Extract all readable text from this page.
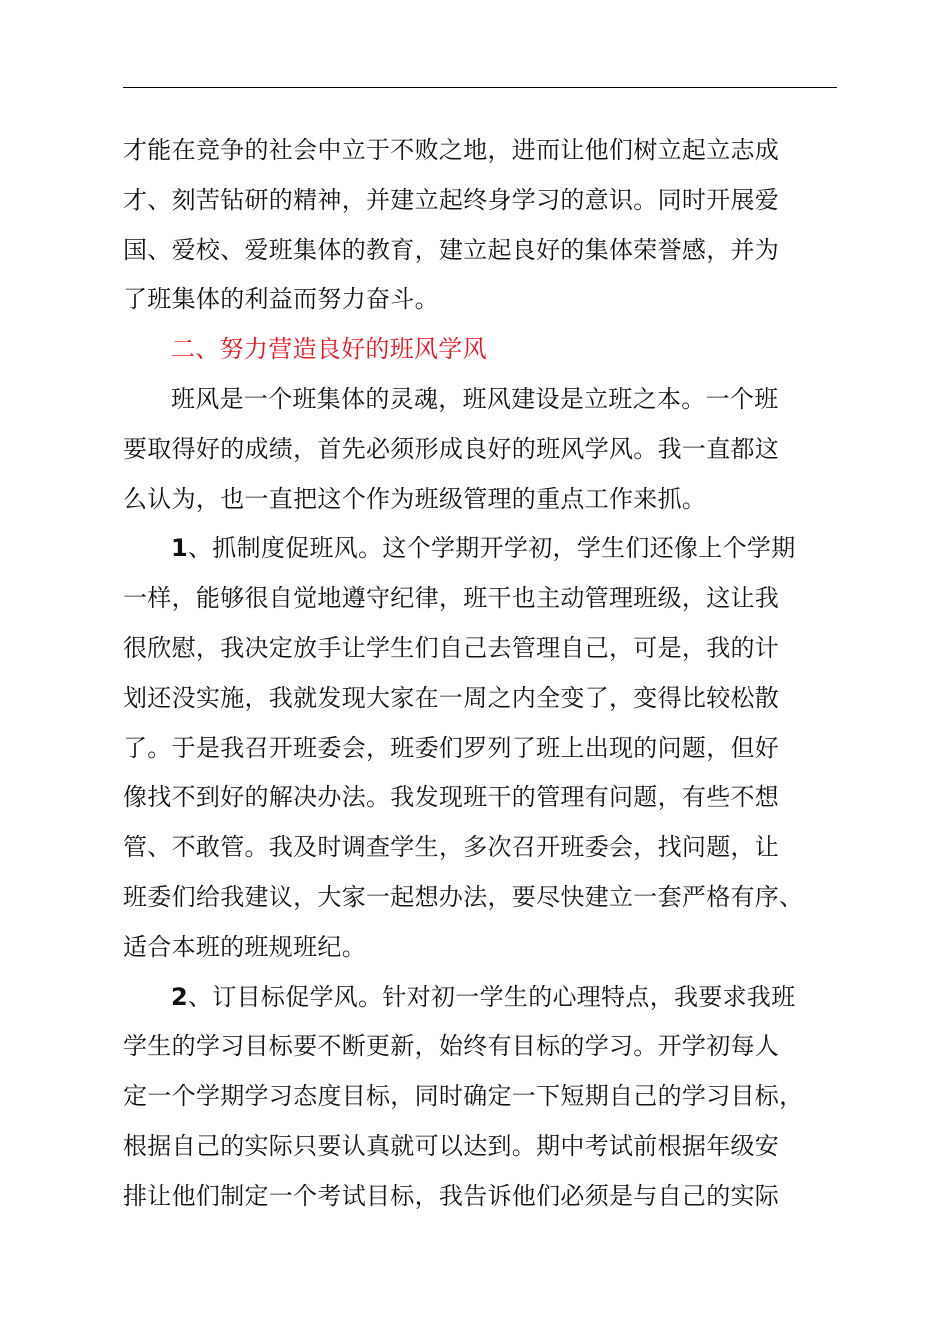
才能在竞争的社会中立于不败之地，进而让他们树立起立志成
才、刻苦钻研的精神，并建立起终身学习的意识。同时开展爱
国、爱校、爱班集体的教育，建立起良好的集体荣誉感，并为
了班集体的利益而努力奋斗。
二、努力营造良好的班风学风
班风是一个班集体的灵魂，班风建设是立班之本。一个班
要取得好的成绩，首先必须形成良好的班风学风。我一直都这
么认为，也一直把这个作为班级管理的重点工作来抓。
1、抓制度促班风。这个学期开学初，学生们还像上个学期
一样，能够很自觉地遵守纪律，班干也主动管理班级，这让我
很欣慰，我决定放手让学生们自己去管理自己，可是，我的计
划还没实施，我就发现大家在一周之内全变了，变得比较松散
了。于是我召开班委会，班委们罗列了班上出现的问题，但好
像找不到好的解决办法。我发现班干的管理有问题，有些不想
管、不敢管。我及时调查学生，多次召开班委会，找问题，让
班委们给我建议，大家一起想办法，要尽快建立一套严格有序、
适合本班的班规班纪。
2、订目标促学风。针对初一学生的心理特点，我要求我班
学生的学习目标要不断更新，始终有目标的学习。开学初每人
定一个学期学习态度目标，同时确定一下短期自己的学习目标，
根据自己的实际只要认真就可以达到。期中考试前根据年级安
排让他们制定一个考试目标，我告诉他们必须是与自己的实际
